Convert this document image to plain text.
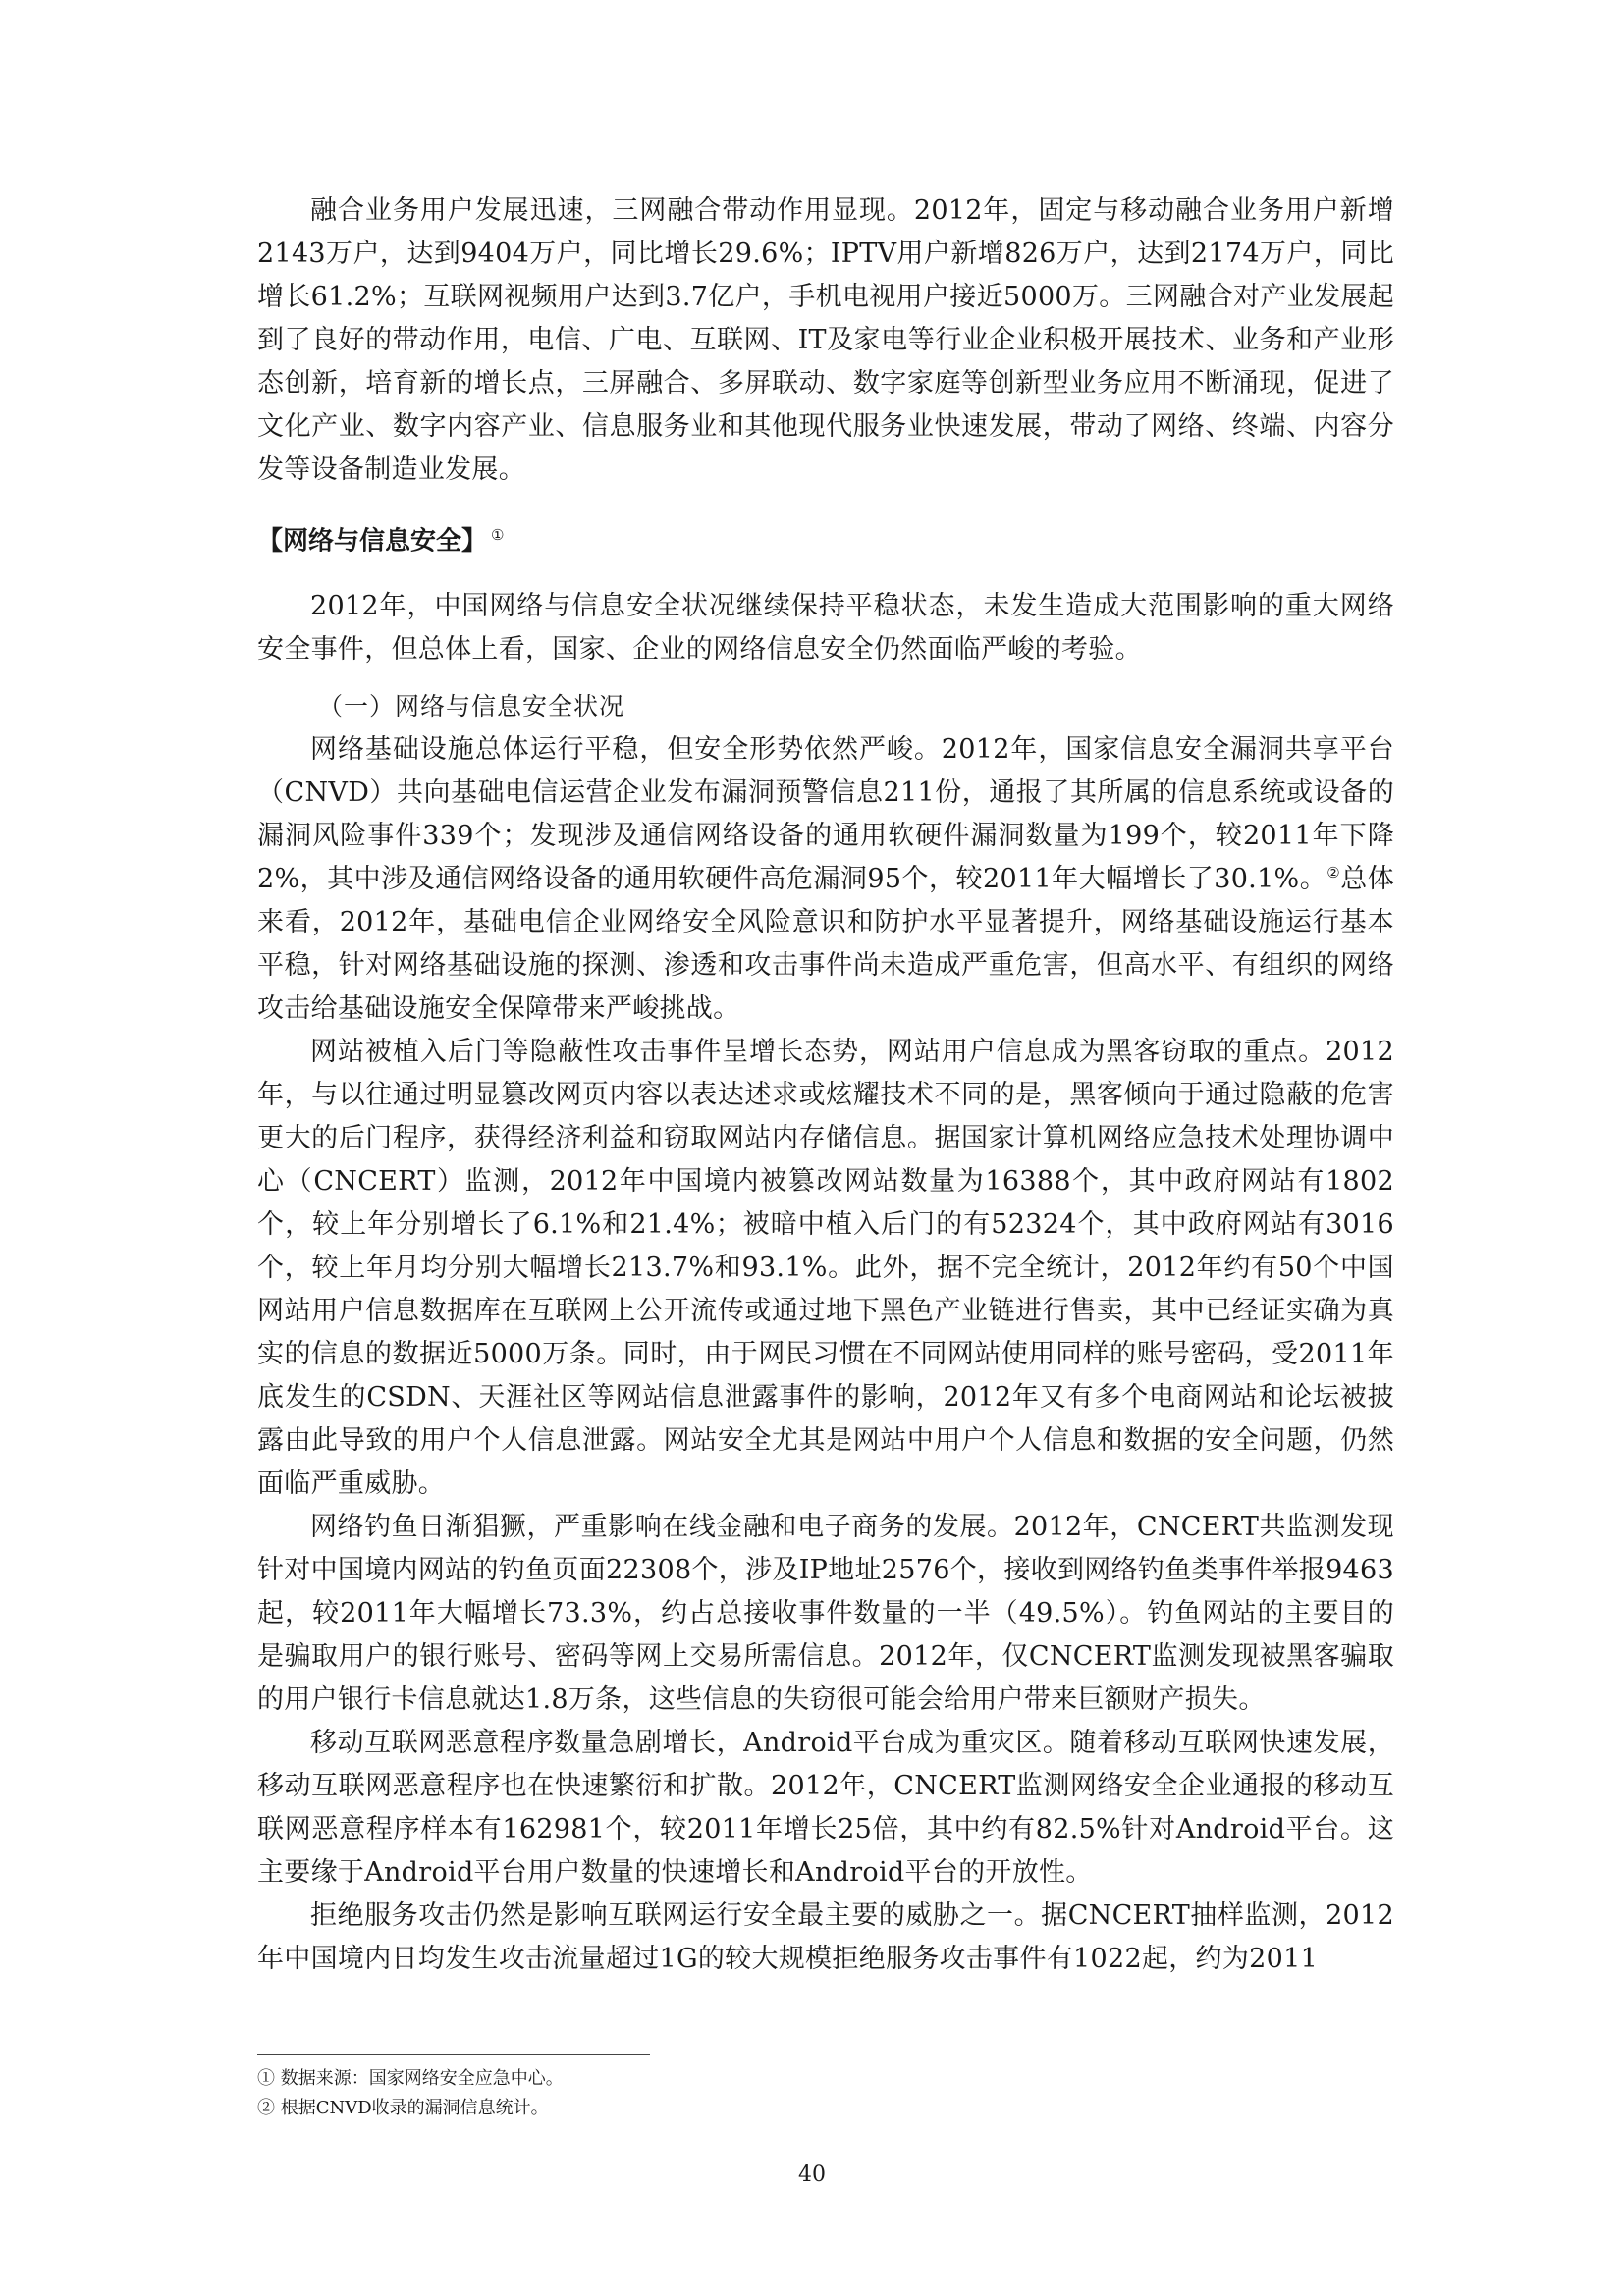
融合业务用户发展迅速，三网融合带动作用显现。2012年，固定与移动融合业务用户新增2143万户，达到9404万户，同比增长29.6%；IPTV用户新增826万户，达到2174万户，同比增长61.2%；互联网视频用户达到3.7亿户，手机电视用户接近5000万。三网融合对产业发展起到了良好的带动作用，电信、广电、互联网、IT及家电等行业企业积极开展技术、业务和产业形态创新，培育新的增长点，三屏融合、多屏联动、数字家庭等创新型业务应用不断涌现，促进了文化产业、数字内容产业、信息服务业和其他现代服务业快速发展，带动了网络、终端、内容分发等设备制造业发展。

【网络与信息安全】 ①

2012年，中国网络与信息安全状况继续保持平稳状态，未发生造成大范围影响的重大网络安全事件，但总体上看，国家、企业的网络信息安全仍然面临严峻的考验。

（一）网络与信息安全状况

网络基础设施总体运行平稳，但安全形势依然严峻。2012年，国家信息安全漏洞共享平台（CNVD）共向基础电信运营企业发布漏洞预警信息211份，通报了其所属的信息系统或设备的漏洞风险事件339个；发现涉及通信网络设备的通用软硬件漏洞数量为199个，较2011年下降2%，其中涉及通信网络设备的通用软硬件高危漏洞95个，较2011年大幅增长了30.1%。②总体来看，2012年，基础电信企业网络安全风险意识和防护水平显著提升，网络基础设施运行基本平稳，针对网络基础设施的探测、渗透和攻击事件尚未造成严重危害，但高水平、有组织的网络攻击给基础设施安全保障带来严峻挑战。

网站被植入后门等隐蔽性攻击事件呈增长态势，网站用户信息成为黑客窃取的重点。2012年，与以往通过明显篡改网页内容以表达述求或炫耀技术不同的是，黑客倾向于通过隐蔽的危害更大的后门程序，获得经济利益和窃取网站内存储信息。据国家计算机网络应急技术处理协调中心（CNCERT）监测，2012年中国境内被篡改网站数量为16388个，其中政府网站有1802个，较上年分别增长了6.1%和21.4%；被暗中植入后门的有52324个，其中政府网站有3016个，较上年月均分别大幅增长213.7%和93.1%。此外，据不完全统计，2012年约有50个中国网站用户信息数据库在互联网上公开流传或通过地下黑色产业链进行售卖，其中已经证实确为真实的信息的数据近5000万条。同时，由于网民习惯在不同网站使用同样的账号密码，受2011年底发生的CSDN、天涯社区等网站信息泄露事件的影响，2012年又有多个电商网站和论坛被披露由此导致的用户个人信息泄露。网站安全尤其是网站中用户个人信息和数据的安全问题，仍然面临严重威胁。

网络钓鱼日渐猖獗，严重影响在线金融和电子商务的发展。2012年，CNCERT共监测发现针对中国境内网站的钓鱼页面22308个，涉及IP地址2576个，接收到网络钓鱼类事件举报9463起，较2011年大幅增长73.3%，约占总接收事件数量的一半（49.5%）。钓鱼网站的主要目的是骗取用户的银行账号、密码等网上交易所需信息。2012年，仅CNCERT监测发现被黑客骗取的用户银行卡信息就达1.8万条，这些信息的失窃很可能会给用户带来巨额财产损失。

移动互联网恶意程序数量急剧增长，Android平台成为重灾区。随着移动互联网快速发展，移动互联网恶意程序也在快速繁衍和扩散。2012年，CNCERT监测网络安全企业通报的移动互联网恶意程序样本有162981个，较2011年增长25倍，其中约有82.5%针对Android平台。这主要缘于Android平台用户数量的快速增长和Android平台的开放性。

拒绝服务攻击仍然是影响互联网运行安全最主要的威胁之一。据CNCERT抽样监测，2012年中国境内日均发生攻击流量超过1G的较大规模拒绝服务攻击事件有1022起，约为2011

① 数据来源：国家网络安全应急中心。
② 根据CNVD收录的漏洞信息统计。
40
